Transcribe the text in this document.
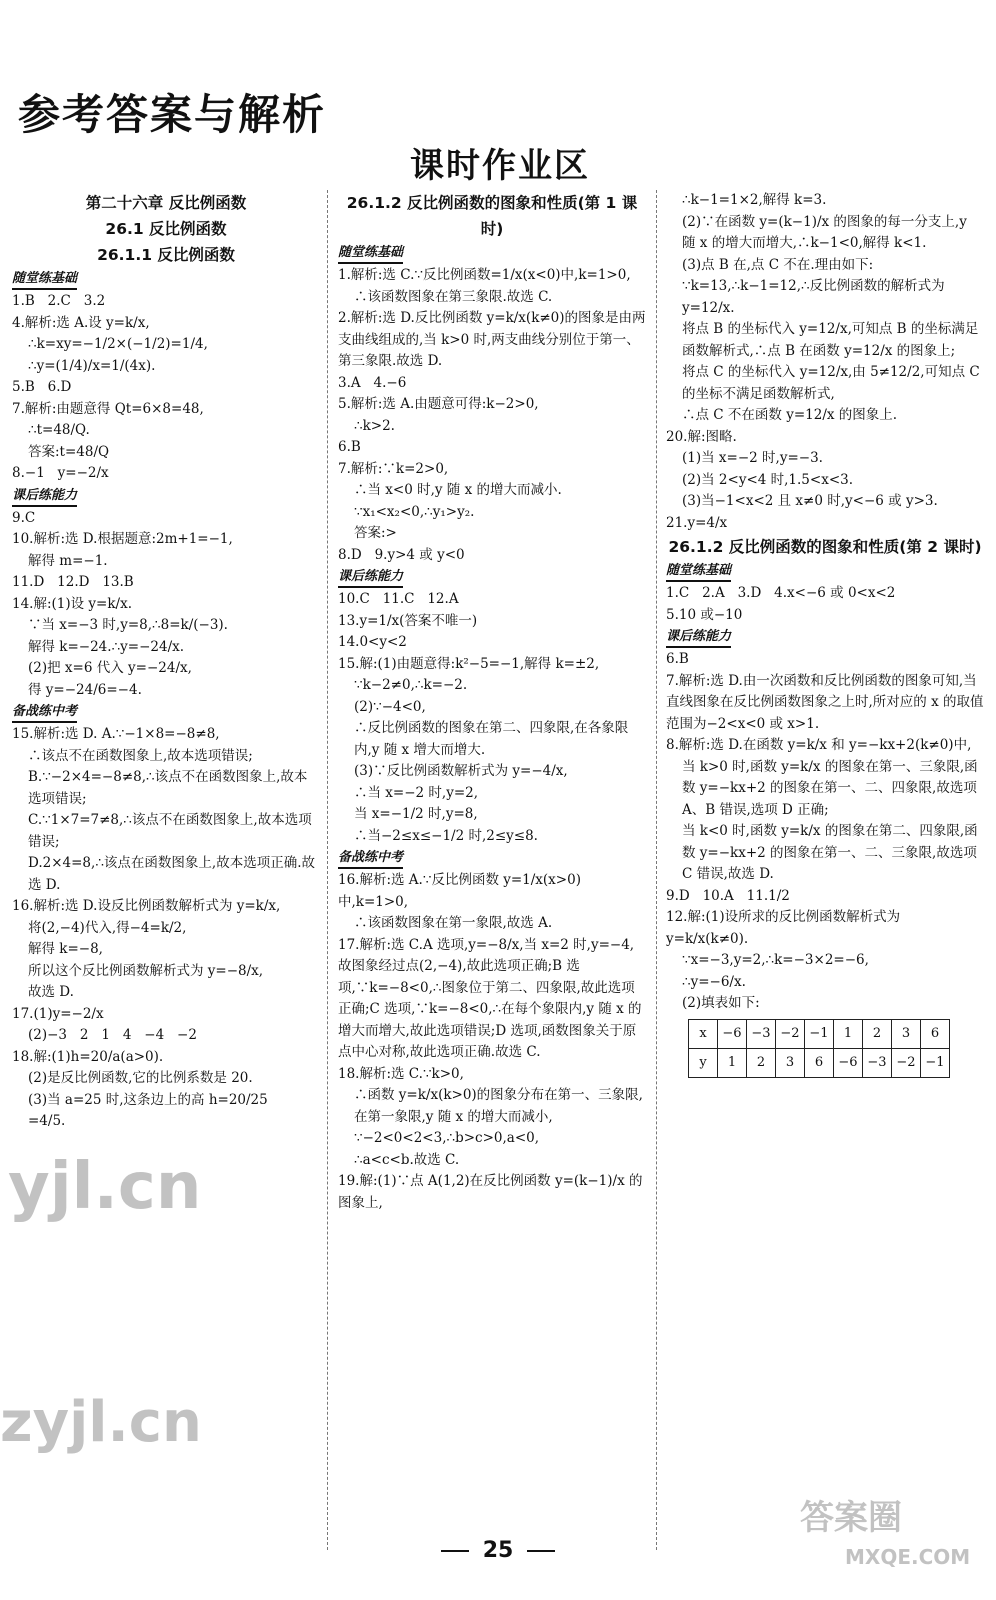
参考答案与解析
课时作业区
第二十六章 反比例函数
26.1 反比例函数
26.1.1 反比例函数
随堂练基础
1.B   2.C   3.2
4.解析:选 A.设 y=k/x,
∴k=xy=−1/2×(−1/2)=1/4,
∴y=(1/4)/x=1/(4x).
5.B   6.D
7.解析:由题意得 Qt=6×8=48,
∴t=48/Q.
答案:t=48/Q
8.−1   y=−2/x
课后练能力
9.C
10.解析:选 D.根据题意:2m+1=−1,
解得 m=−1.
11.D   12.D   13.B
14.解:(1)设 y=k/x.
∵当 x=−3 时,y=8,∴8=k/(−3).
解得 k=−24.∴y=−24/x.
(2)把 x=6 代入 y=−24/x,
得 y=−24/6=−4.
备战练中考
15.解析:选 D. A.∵−1×8=−8≠8,
∴该点不在函数图象上,故本选项错误;
B.∵−2×4=−8≠8,∴该点不在函数图象上,故本选项错误;
C.∵1×7=7≠8,∴该点不在函数图象上,故本选项错误;
D.2×4=8,∴该点在函数图象上,故本选项正确.故选 D.
16.解析:选 D.设反比例函数解析式为 y=k/x,
将(2,−4)代入,得−4=k/2,
解得 k=−8,
所以这个反比例函数解析式为 y=−8/x,
故选 D.
17.(1)y=−2/x
(2)−3   2   1   4   −4   −2
18.解:(1)h=20/a(a>0).
(2)是反比例函数,它的比例系数是 20.
(3)当 a=25 时,这条边上的高 h=20/25
=4/5.
26.1.2 反比例函数的图象和性质(第 1 课时)
随堂练基础
1.解析:选 C.∵反比例函数=1/x(x<0)中,k=1>0,
∴该函数图象在第三象限.故选 C.
2.解析:选 D.反比例函数 y=k/x(k≠0)的图象是由两支曲线组成的,当 k>0 时,两支曲线分别位于第一、第三象限.故选 D.
3.A   4.−6
5.解析:选 A.由题意可得:k−2>0,
∴k>2.
6.B
7.解析:∵k=2>0,
∴当 x<0 时,y 随 x 的增大而减小.
∵x₁<x₂<0,∴y₁>y₂.
答案:>
8.D   9.y>4 或 y<0
课后练能力
10.C   11.C   12.A
13.y=1/x(答案不唯一)
14.0<y<2
15.解:(1)由题意得:k²−5=−1,解得 k=±2,
∵k−2≠0,∴k=−2.
(2)∵−4<0,
∴反比例函数的图象在第二、四象限,在各象限内,y 随 x 增大而增大.
(3)∵反比例函数解析式为 y=−4/x,
∴当 x=−2 时,y=2,
当 x=−1/2 时,y=8,
∴当−2≤x≤−1/2 时,2≤y≤8.
备战练中考
16.解析:选 A.∵反比例函数 y=1/x(x>0)中,k=1>0,
∴该函数图象在第一象限,故选 A.
17.解析:选 C.A 选项,y=−8/x,当 x=2 时,y=−4,故图象经过点(2,−4),故此选项正确;B 选项,∵k=−8<0,∴图象位于第二、四象限,故此选项正确;C 选项,∵k=−8<0,∴在每个象限内,y 随 x 的增大而增大,故此选项错误;D 选项,函数图象关于原点中心对称,故此选项正确.故选 C.
18.解析:选 C.∵k>0,
∴函数 y=k/x(k>0)的图象分布在第一、三象限,在第一象限,y 随 x 的增大而减小,
∵−2<0<2<3,∴b>c>0,a<0,
∴a<c<b.故选 C.
19.解:(1)∵点 A(1,2)在反比例函数 y=(k−1)/x 的图象上,
∴k−1=1×2,解得 k=3.
(2)∵在函数 y=(k−1)/x 的图象的每一分支上,y 随 x 的增大而增大,∴k−1<0,解得 k<1.
(3)点 B 在,点 C 不在.理由如下:
∵k=13,∴k−1=12,∴反比例函数的解析式为 y=12/x.
将点 B 的坐标代入 y=12/x,可知点 B 的坐标满足函数解析式,∴点 B 在函数 y=12/x 的图象上;
将点 C 的坐标代入 y=12/x,由 5≠12/2,可知点 C 的坐标不满足函数解析式,
∴点 C 不在函数 y=12/x 的图象上.
20.解:图略.
(1)当 x=−2 时,y=−3.
(2)当 2<y<4 时,1.5<x<3.
(3)当−1<x<2 且 x≠0 时,y<−6 或 y>3.
21.y=4/x
26.1.2 反比例函数的图象和性质(第 2 课时)
随堂练基础
1.C   2.A   3.D   4.x<−6 或 0<x<2
5.10 或−10
课后练能力
6.B
7.解析:选 D.由一次函数和反比例函数的图象可知,当直线图象在反比例函数图象之上时,所对应的 x 的取值范围为−2<x<0 或 x>1.
8.解析:选 D.在函数 y=k/x 和 y=−kx+2(k≠0)中,
当 k>0 时,函数 y=k/x 的图象在第一、三象限,函数 y=−kx+2 的图象在第一、二、四象限,故选项 A、B 错误,选项 D 正确;
当 k<0 时,函数 y=k/x 的图象在第二、四象限,函数 y=−kx+2 的图象在第一、二、三象限,故选项 C 错误,故选 D.
9.D   10.A   11.1/2
12.解:(1)设所求的反比例函数解析式为 y=k/x(k≠0).
∵x=−3,y=2,∴k=−3×2=−6,
∴y=−6/x.
(2)填表如下:
x	−6	−3	−2	−1	1	2	3	6
y	1	2	3	6	−6	−3	−2	−1
25
yjl.cn
zyjl.cn
答案圈
MXQE.COM
